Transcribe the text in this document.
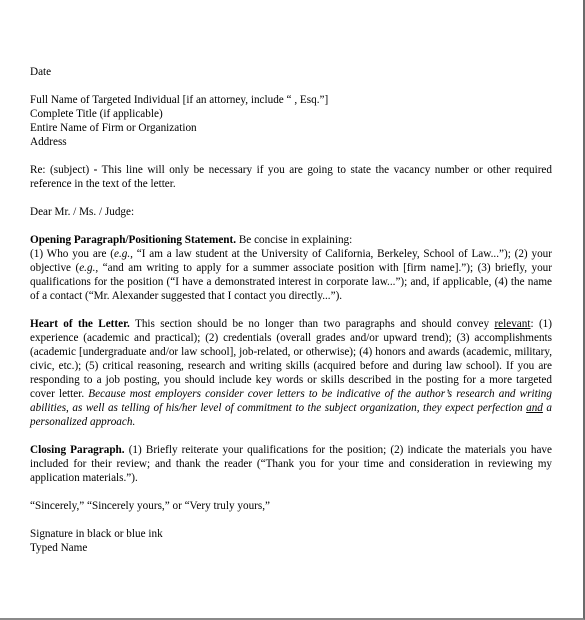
Date

Full Name of Targeted Individual [if an attorney, include “ , Esq.”]

Complete Title (if applicable)

Entire Name of Firm or Organization

Address

Re: (subject) - This line will only be necessary if you are going to state the vacancy number or other required reference in the text of the letter.

Dear Mr. / Ms. / Judge:

Opening Paragraph/Positioning Statement. Be concise in explaining:
(1) Who you are (e.g., “I am a law student at the University of California, Berkeley, School of Law...”); (2) your objective (e.g., “and am writing to apply for a summer associate position with [firm name].”); (3) briefly, your qualifications for the position (“I have a demonstrated interest in corporate law...”); and, if applicable, (4) the name of a contact (“Mr. Alexander suggested that I contact you directly...”).

Heart of the Letter. This section should be no longer than two paragraphs and should convey relevant: (1) experience (academic and practical); (2) credentials (overall grades and/or upward trend); (3) accomplishments (academic [undergraduate and/or law school], job-related, or otherwise); (4) honors and awards (academic, military, civic, etc.); (5) critical reasoning, research and writing skills (acquired before and during law school). If you are responding to a job posting, you should include key words or skills described in the posting for a more targeted cover letter. Because most employers consider cover letters to be indicative of the author’s research and writing abilities, as well as telling of his/her level of commitment to the subject organization, they expect perfection and a personalized approach.

Closing Paragraph. (1) Briefly reiterate your qualifications for the position; (2) indicate the materials you have included for their review; and thank the reader (“Thank you for your time and consideration in reviewing my application materials.”).

“Sincerely,” “Sincerely yours,” or “Very truly yours,”

Signature in black or blue ink

Typed Name
